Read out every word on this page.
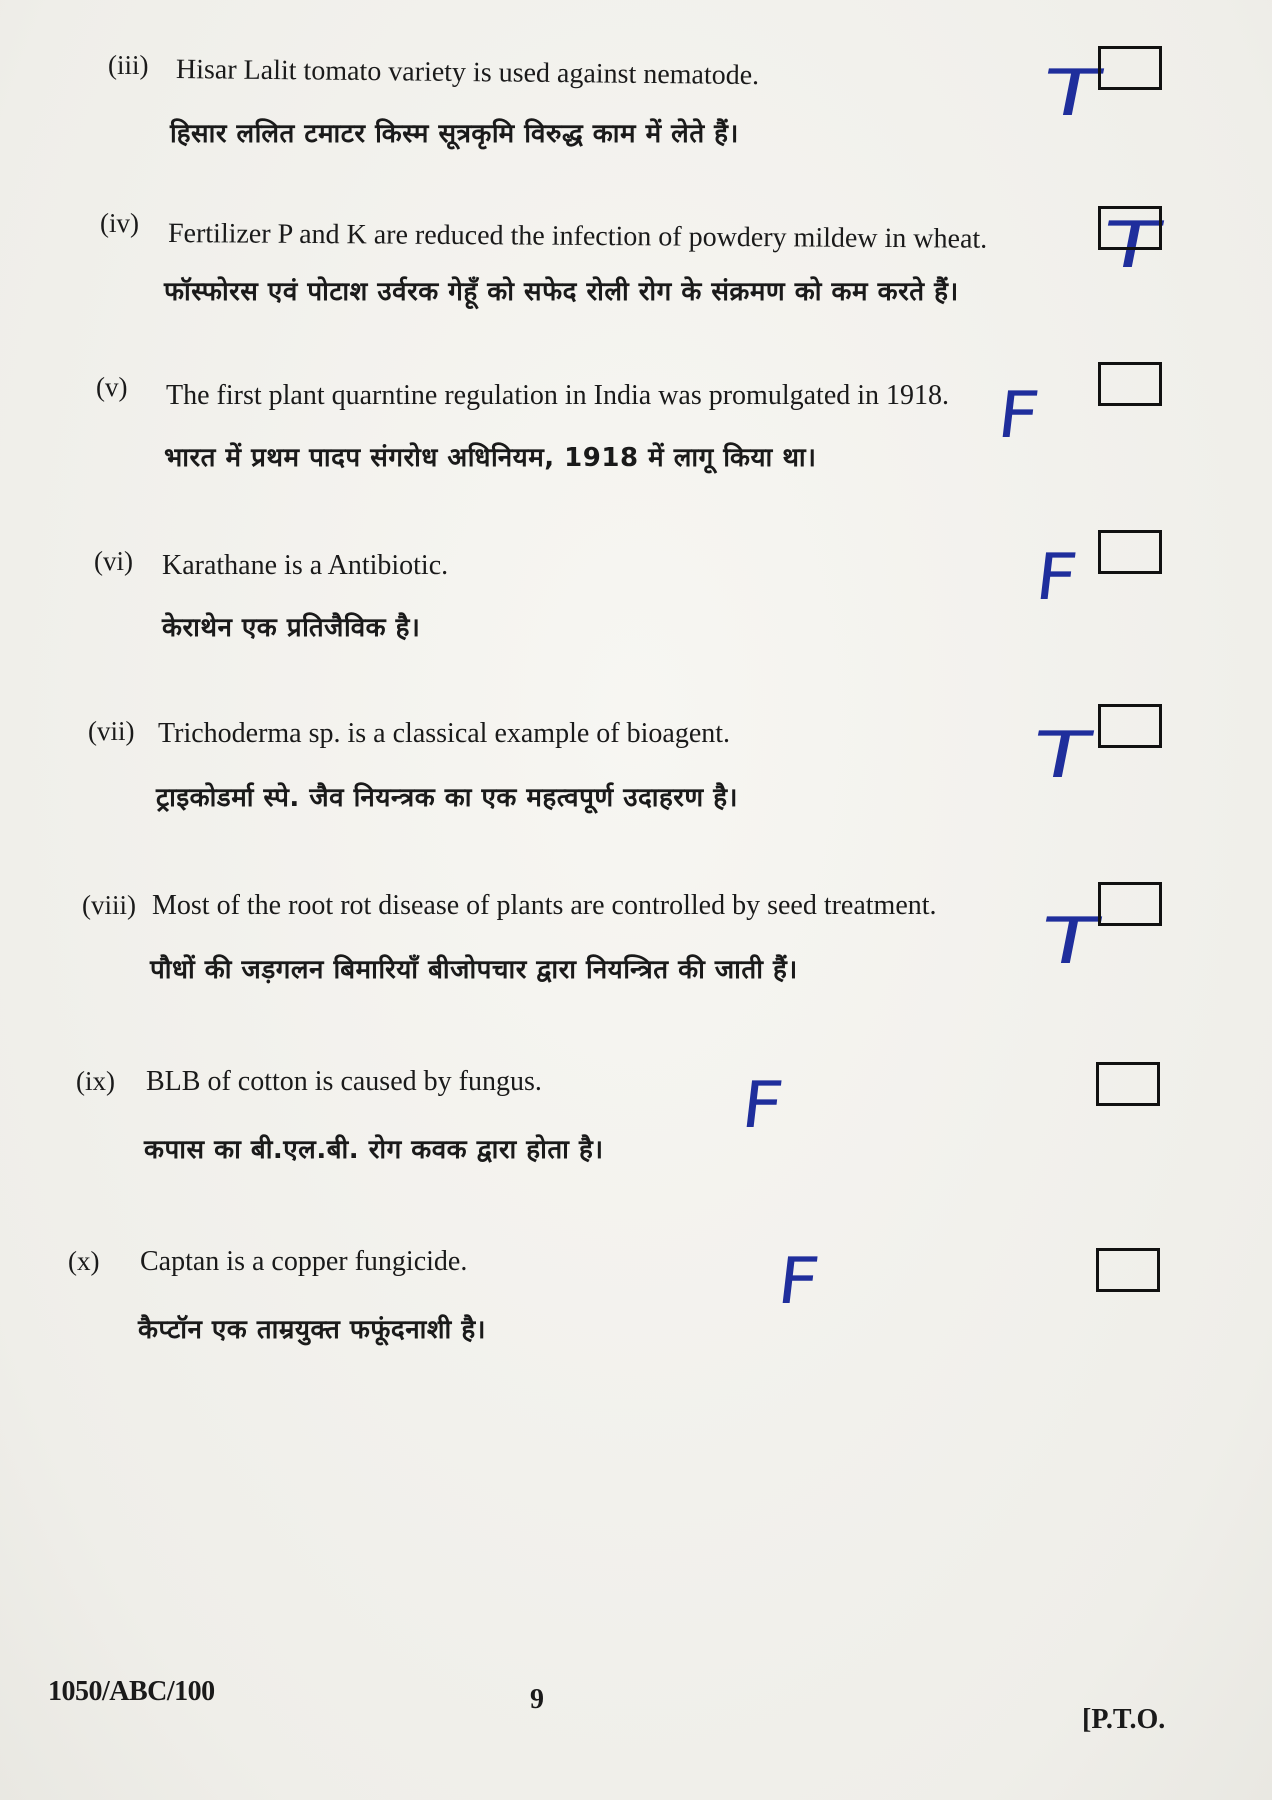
(iii) Hisar Lalit tomato variety is used against nematode.
हिसार ललित टमाटर किस्म सूत्रकृमि विरुद्ध काम में लेते हैं।
T
(iv) Fertilizer P and K are reduced the infection of powdery mildew in wheat.
फॉस्फोरस एवं पोटाश उर्वरक गेहूँ को सफेद रोली रोग के संक्रमण को कम करते हैं।
T
(v) The first plant quarntine regulation in India was promulgated in 1918.
भारत में प्रथम पादप संगरोध अधिनियम, 1918 में लागू किया था।
F
(vi) Karathane is a Antibiotic.
केराथेन एक प्रतिजैविक है।
F
(vii) Trichoderma sp. is a classical example of bioagent.
ट्राइकोडर्मा स्पे. जैव नियन्त्रक का एक महत्वपूर्ण उदाहरण है।
T
(viii) Most of the root rot disease of plants are controlled by seed treatment.
पौधों की जड़गलन बिमारियाँ बीजोपचार द्वारा नियन्त्रित की जाती हैं।	T
(ix) BLB of cotton is caused by fungus.
कपास का बी.एल.बी. रोग कवक द्वारा होता है।
F
(x) Captan is a copper fungicide.
कैप्टॉन एक ताम्रयुक्त फफूंदनाशी है।
F
1050/ABC/100	9
[P.T.O.
